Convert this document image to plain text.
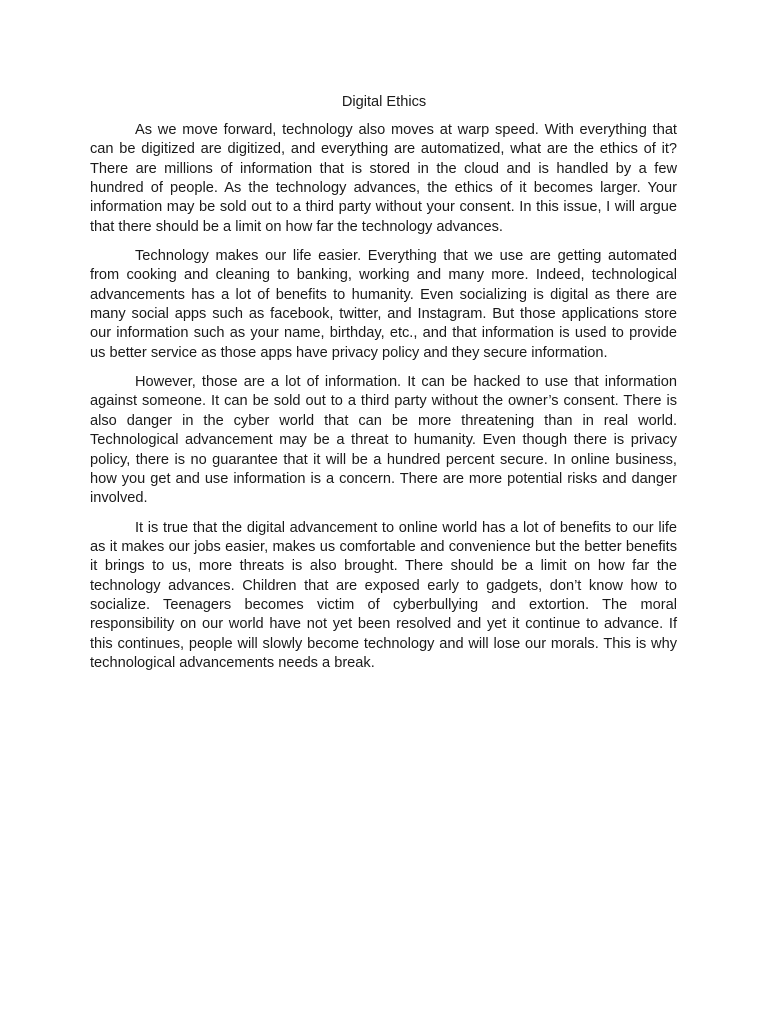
Digital Ethics

As we move forward, technology also moves at warp speed. With everything that can be digitized are digitized, and everything are automatized, what are the ethics of it? There are millions of information that is stored in the cloud and is handled by a few hundred of people. As the technology advances, the ethics of it becomes larger. Your information may be sold out to a third party without your consent. In this issue, I will argue that there should be a limit on how far the technology advances.

Technology makes our life easier. Everything that we use are getting automated from cooking and cleaning to banking, working and many more. Indeed, technological advancements has a lot of benefits to humanity. Even socializing is digital as there are many social apps such as facebook, twitter, and Instagram. But those applications store our information such as your name, birthday, etc., and that information is used to provide us better service as those apps have privacy policy and they secure information.

However, those are a lot of information. It can be hacked to use that information against someone. It can be sold out to a third party without the owner’s consent. There is also danger in the cyber world that can be more threatening than in real world. Technological advancement may be a threat to humanity. Even though there is privacy policy, there is no guarantee that it will be a hundred percent secure. In online business, how you get and use information is a concern. There are more potential risks and danger involved.

It is true that the digital advancement to online world has a lot of benefits to our life as it makes our jobs easier, makes us comfortable and convenience but the better benefits it brings to us, more threats is also brought. There should be a limit on how far the technology advances. Children that are exposed early to gadgets, don’t know how to socialize. Teenagers becomes victim of cyberbullying and extortion. The moral responsibility on our world have not yet been resolved and yet it continue to advance. If this continues, people will slowly become technology and will lose our morals. This is why technological advancements needs a break.
